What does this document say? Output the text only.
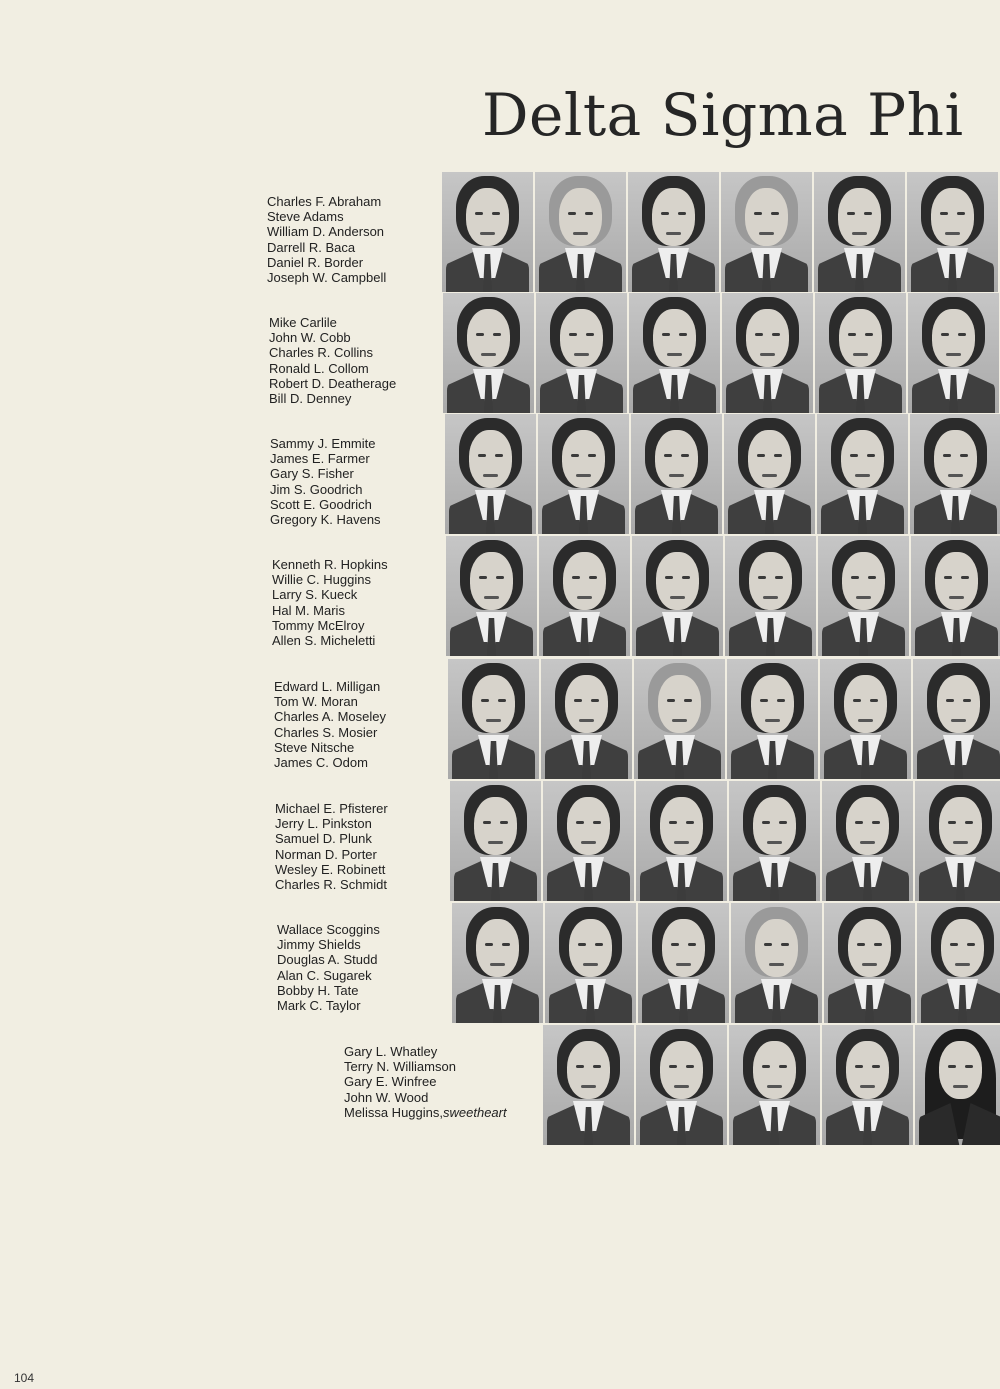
Delta Sigma Phi
Charles F. Abraham
Steve Adams
William D. Anderson
Darrell R. Baca
Daniel R. Border
Joseph W. Campbell
Mike Carlile
John W. Cobb
Charles R. Collins
Ronald L. Collom
Robert D. Deatherage
Bill D. Denney
Sammy J. Emmite
James E. Farmer
Gary S. Fisher
Jim S. Goodrich
Scott E. Goodrich
Gregory K. Havens
Kenneth R. Hopkins
Willie C. Huggins
Larry S. Kueck
Hal M. Maris
Tommy McElroy
Allen S. Micheletti
Edward L. Milligan
Tom W. Moran
Charles A. Moseley
Charles S. Mosier
Steve Nitsche
James C. Odom
Michael E. Pfisterer
Jerry L. Pinkston
Samuel D. Plunk
Norman D. Porter
Wesley E. Robinett
Charles R. Schmidt
Wallace Scoggins
Jimmy Shields
Douglas A. Studd
Alan C. Sugarek
Bobby H. Tate
Mark C. Taylor
Gary L. Whatley
Terry N. Williamson
Gary E. Winfree
John W. Wood
Melissa Huggins,sweetheart

104
